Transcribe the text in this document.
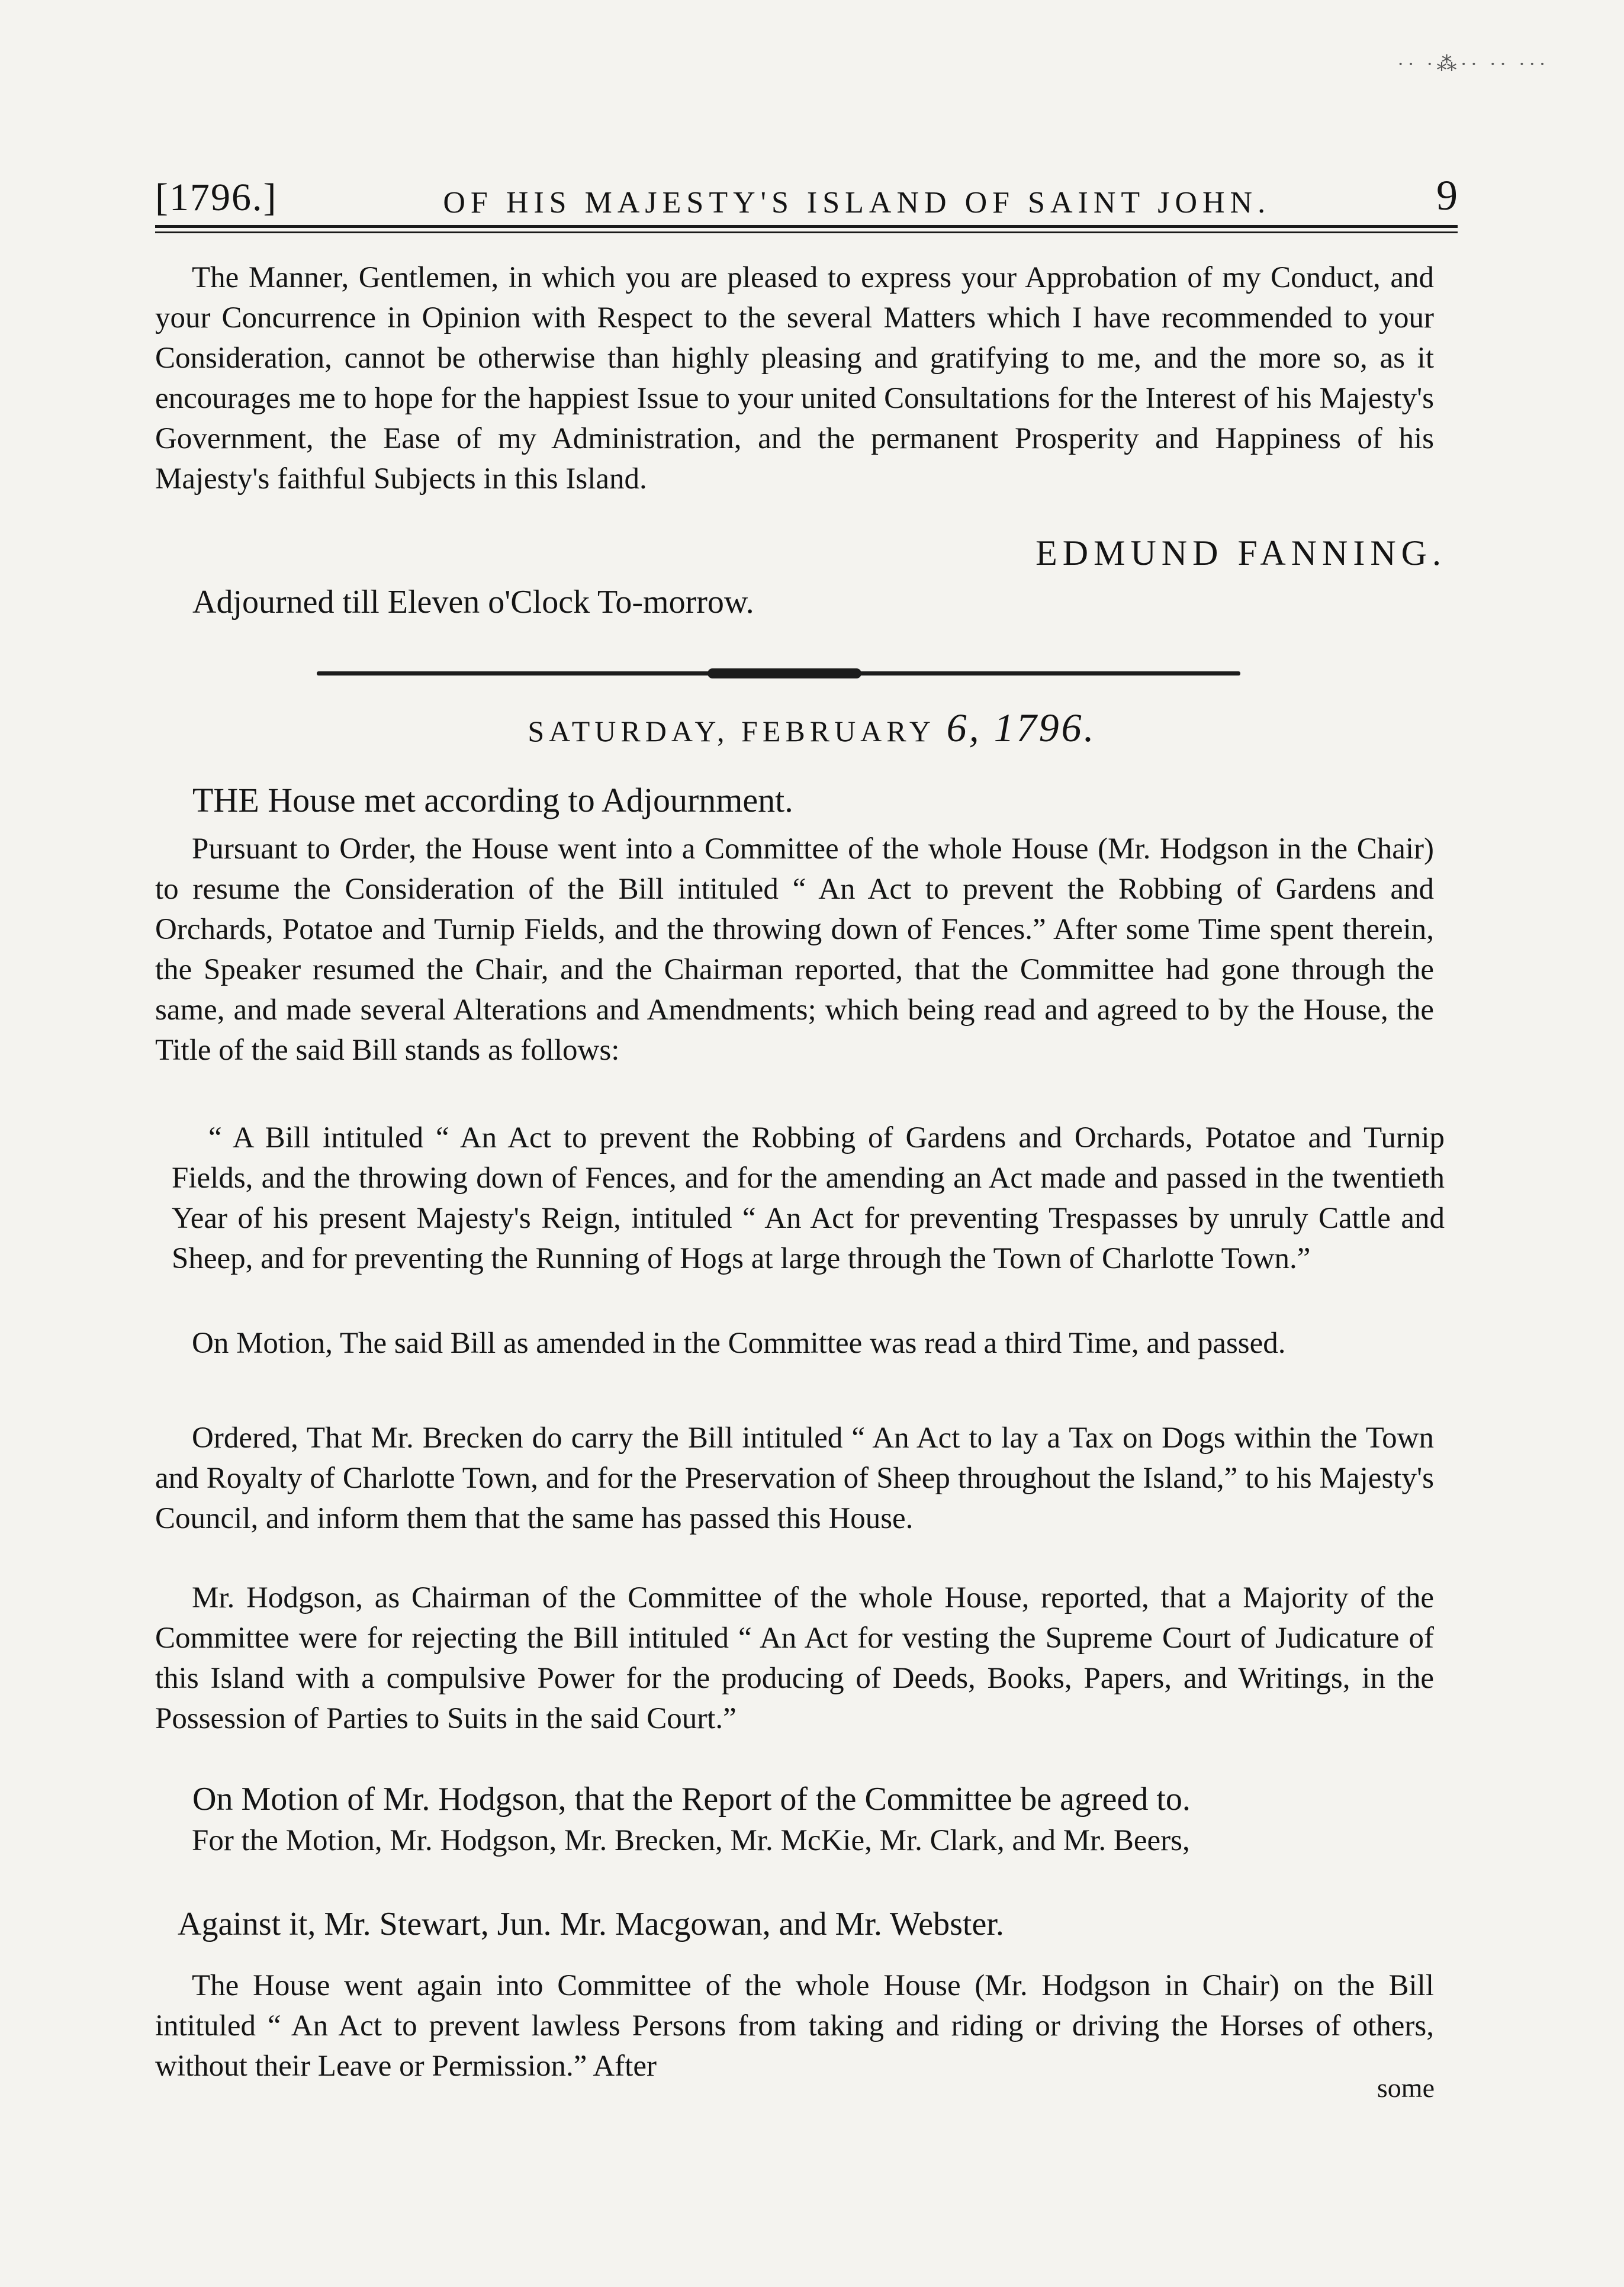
·· ·⁂·· ·· ···
[1796.]	OF HIS MAJESTY'S ISLAND OF SAINT JOHN.	9

The Manner, Gentlemen, in which you are pleased to express your Approbation of my Conduct, and your Concurrence in Opinion with Respect to the several Matters which I have recommended to your Consideration, cannot be otherwise than highly pleasing and gratifying to me, and the more so, as it encourages me to hope for the happiest Issue to your united Consultations for the Interest of his Majesty's Government, the Ease of my Administration, and the permanent Prosperity and Happiness of his Majesty's faithful Subjects in this Island.

EDMUND FANNING.
Adjourned till Eleven o'Clock To-morrow.
SATURDAY, FEBRUARY 6, 1796.
THE House met according to Adjournment.

Pursuant to Order, the House went into a Committee of the whole House (Mr. Hodgson in the Chair) to resume the Consideration of the Bill intituled “ An Act to prevent the Robbing of Gardens and Orchards, Potatoe and Turnip Fields, and the throwing down of Fences.” After some Time spent therein, the Speaker resumed the Chair, and the Chairman reported, that the Committee had gone through the same, and made several Alterations and Amendments; which being read and agreed to by the House, the Title of the said Bill stands as follows:

“ A Bill intituled “ An Act to prevent the Robbing of Gardens and Orchards, Potatoe and Turnip Fields, and the throwing down of Fences, and for the amending an Act made and passed in the twentieth Year of his present Majesty's Reign, intituled “ An Act for preventing Trespasses by unruly Cattle and Sheep, and for preventing the Running of Hogs at large through the Town of Charlotte Town.”

On Motion, The said Bill as amended in the Committee was read a third Time, and passed.

Ordered, That Mr. Brecken do carry the Bill intituled “ An Act to lay a Tax on Dogs within the Town and Royalty of Charlotte Town, and for the Preservation of Sheep throughout the Island,” to his Majesty's Council, and inform them that the same has passed this House.

Mr. Hodgson, as Chairman of the Committee of the whole House, reported, that a Majority of the Committee were for rejecting the Bill intituled “ An Act for vesting the Supreme Court of Judicature of this Island with a compulsive Power for the producing of Deeds, Books, Papers, and Writings, in the Possession of Parties to Suits in the said Court.”

On Motion of Mr. Hodgson, that the Report of the Committee be agreed to.

For the Motion, Mr. Hodgson, Mr. Brecken, Mr. McKie, Mr. Clark, and Mr. Beers,

Against it, Mr. Stewart, Jun. Mr. Macgowan, and Mr. Webster.

The House went again into Committee of the whole House (Mr. Hodgson in Chair) on the Bill intituled “ An Act to prevent lawless Persons from taking and riding or driving the Horses of others, without their Leave or Permission.” After

some
